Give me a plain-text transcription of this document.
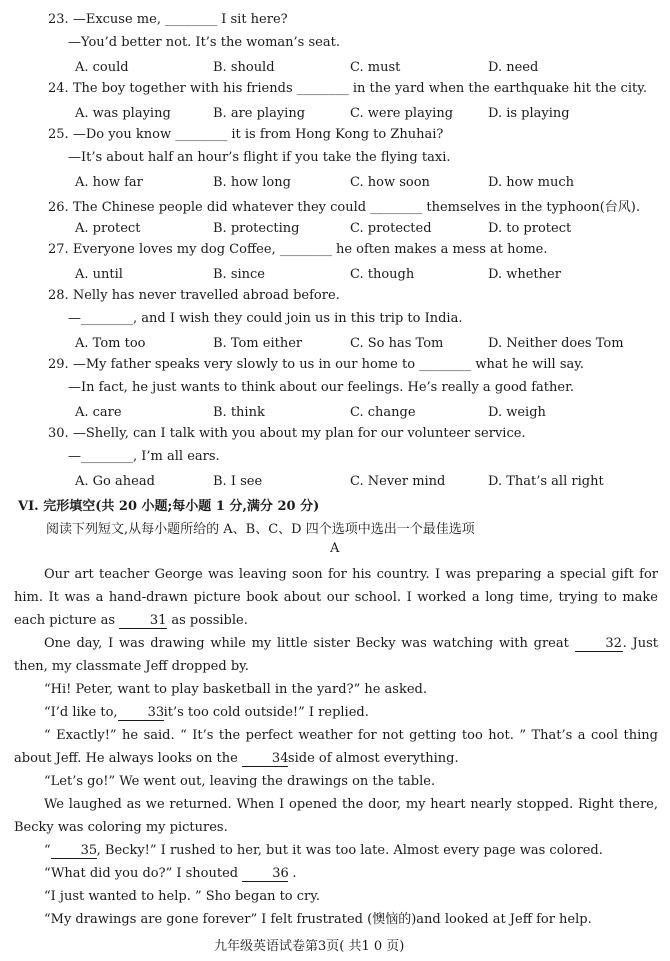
23. —Excuse me, ________ I sit here?
—You’d better not. It’s the woman’s seat.
A. could	B. should	C. must	D. need
24. The boy together with his friends ________ in the yard when the earthquake hit the city.
A. was playing	B. are playing	C. were playing	D. is playing
25. —Do you know ________ it is from Hong Kong to Zhuhai?
—It’s about half an hour’s flight if you take the flying taxi.
A. how far	B. how long	C. how soon	D. how much
26. The Chinese people did whatever they could ________ themselves in the typhoon(台风).
A. protect	B. protecting	C. protected	D. to protect
27. Everyone loves my dog Coffee, ________ he often makes a mess at home.
A. until	B. since	C. though	D. whether
28. Nelly has never travelled abroad before.
—________, and I wish they could join us in this trip to India.
A. Tom too	B. Tom either	C. So has Tom	D. Neither does Tom
29. —My father speaks very slowly to us in our home to ________ what he will say.
—In fact, he just wants to think about our feelings. He’s really a good father.
A. care	B. think	C. change	D. weigh
30. —Shelly, can I talk with you about my plan for our volunteer service.
—________, I’m all ears.
A. Go ahead	B. I see	C. Never mind	D. That’s all right
VI. 完形填空(共 20 小题;每小题 1 分,满分 20 分)
阅读下列短文,从每小题所给的 A、B、C、D 四个选项中选出一个最佳选项
A
Our art teacher George was leaving soon for his country. I was preparing a special gift for him. It was a hand-drawn picture book about our school. I worked a long time, trying to make each picture as	31 as possible.
One day, I was drawing while my little sister Becky was watching with great	32. Just then, my classmate Jeff dropped by.
“Hi! Peter, want to play basketball in the yard?” he asked.
“I’d like to, 33it’s too cold outside!” I replied.
“ Exactly!” he said. “ It’s the perfect weather for not getting too hot. ” That’s a cool thing about Jeff. He always looks on the	34side of almost everything.
“Let’s go!” We went out, leaving the drawings on the table.
We laughed as we returned. When I opened the door, my heart nearly stopped. Right there, Becky was coloring my pictures.
“ 35, Becky!” I rushed to her, but it was too late. Almost every page was colored.
“What did you do?” I shouted	36 .
“I just wanted to help. ” Sho began to cry.
“My drawings are gone forever” I felt frustrated (懊恼的)and looked at Jeff for help.
九年级英语试卷第3页( 共1 0 页)
